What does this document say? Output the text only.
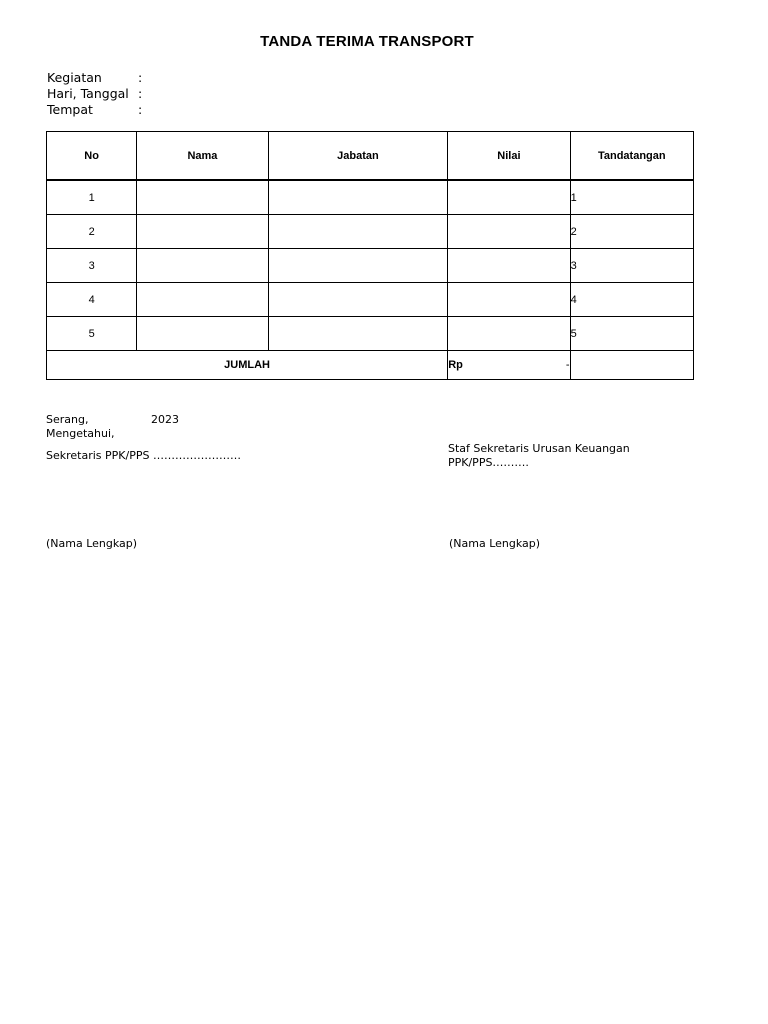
TANDA TERIMA TRANSPORT
Kegiatan	:
Hari, Tanggal :
Tempat	:
No	Nama	Jabatan	Nilai	Tandatangan
1				1
2				2
3				3
4				4
5				5
JUMLAH			Rp -	

Serang,	2023
Mengetahui,
Sekretaris PPK/PPS ……………………
Staf Sekretaris Urusan Keuangan
PPK/PPS……….
(Nama Lengkap)	(Nama Lengkap)
